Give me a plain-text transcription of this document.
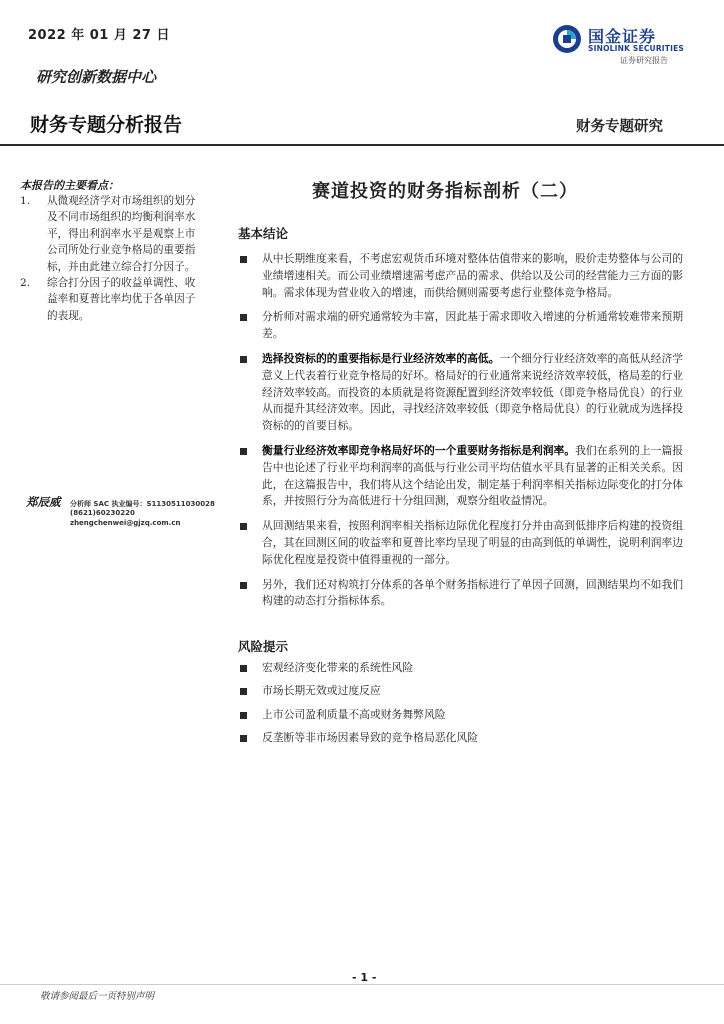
2022 年 01 月 27 日	国金证券
SINOLINK SECURITIES
证券研究报告
研究创新数据中心
财务专题分析报告	财务专题研究
本报告的主要看点：
1. 从微观经济学对市场组织的划分及不同市场组织的均衡利润率水平，得出利润率水平是观察上市公司所处行业竞争格局的重要指标，并由此建立综合打分因子。
2. 综合打分因子的收益单调性、收益率和夏普比率均优于各单因子的表现。
郑辰威 分析师 SAC 执业编号：S1130511030028
(8621)60230220
zhengchenwei@gjzq.com.cn
赛道投资的财务指标剖析（二）
基本结论
从中长期维度来看，不考虑宏观货币环境对整体估值带来的影响，股价走势整体与公司的业绩增速相关。而公司业绩增速需考虑产品的需求、供给以及公司的经营能力三方面的影响。需求体现为营业收入的增速，而供给侧则需要考虑行业整体竞争格局。
分析师对需求端的研究通常较为丰富，因此基于需求即收入增速的分析通常较难带来预期差。
选择投资标的的重要指标是行业经济效率的高低。一个细分行业经济效率的高低从经济学意义上代表着行业竞争格局的好坏。格局好的行业通常来说经济效率较低，格局差的行业经济效率较高。而投资的本质就是将资源配置到经济效率较低（即竞争格局优良）的行业从而提升其经济效率。因此，寻找经济效率较低（即竞争格局优良）的行业就成为选择投资标的的首要目标。
衡量行业经济效率即竞争格局好坏的一个重要财务指标是利润率。我们在系列的上一篇报告中也论述了行业平均利润率的高低与行业公司平均估值水平具有显著的正相关关系。因此，在这篇报告中，我们将从这个结论出发，制定基于利润率相关指标边际变化的打分体系，并按照行分为高低进行十分组回测，观察分组收益情况。
从回测结果来看，按照利润率相关指标边际优化程度打分并由高到低排序后构建的投资组合，其在回测区间的收益率和夏普比率均呈现了明显的由高到低的单调性，说明利润率边际优化程度是投资中值得重视的一部分。
另外，我们还对构筑打分体系的各单个财务指标进行了单因子回测，回测结果均不如我们构建的动态打分指标体系。
风险提示
宏观经济变化带来的系统性风险
市场长期无效或过度反应
上市公司盈利质量不高或财务舞弊风险
反垄断等非市场因素导致的竞争格局恶化风险
- 1 -
敬请参阅最后一页特别声明
